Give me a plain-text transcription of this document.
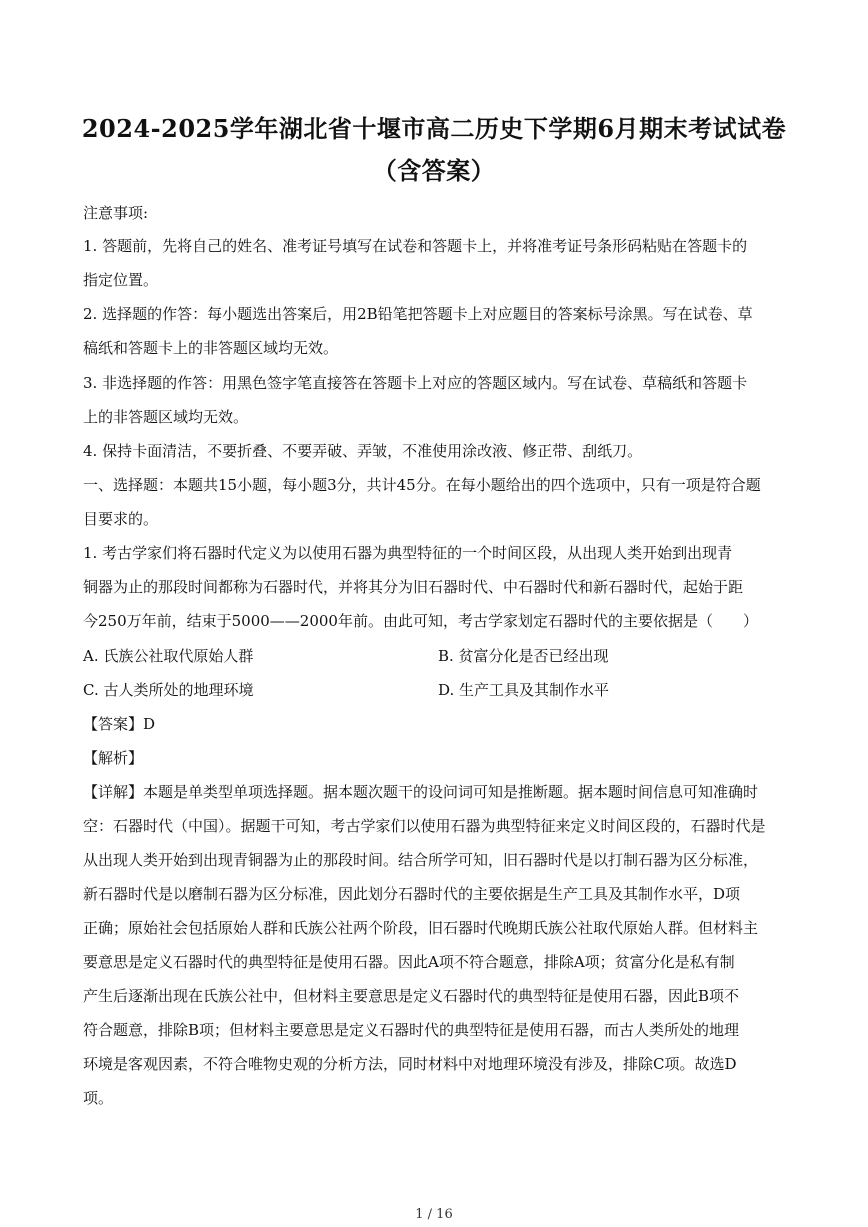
2024-2025学年湖北省十堰市高二历史下学期6月期末考试试卷
（含答案）
注意事项:
1. 答题前，先将自己的姓名、准考证号填写在试卷和答题卡上，并将准考证号条形码粘贴在答题卡的
指定位置。
2. 选择题的作答：每小题选出答案后，用2B铅笔把答题卡上对应题目的答案标号涂黑。写在试卷、草
稿纸和答题卡上的非答题区域均无效。
3. 非选择题的作答：用黑色签字笔直接答在答题卡上对应的答题区域内。写在试卷、草稿纸和答题卡
上的非答题区域均无效。
4. 保持卡面清洁，不要折叠、不要弄破、弄皱，不准使用涂改液、修正带、刮纸刀。
一、选择题：本题共15小题，每小题3分，共计45分。在每小题给出的四个选项中，只有一项是符合题
目要求的。
1. 考古学家们将石器时代定义为以使用石器为典型特征的一个时间区段，从出现人类开始到出现青
铜器为止的那段时间都称为石器时代，并将其分为旧石器时代、中石器时代和新石器时代，起始于距
今250万年前，结束于5000——2000年前。由此可知，考古学家划定石器时代的主要依据是（　　）
A. 氏族公社取代原始人群	B. 贫富分化是否已经出现
C. 古人类所处的地理环境	D. 生产工具及其制作水平
【答案】D
【解析】
【详解】本题是单类型单项选择题。据本题次题干的设问词可知是推断题。据本题时间信息可知准确时
空：石器时代（中国）。据题干可知，考古学家们以使用石器为典型特征来定义时间区段的，石器时代是
从出现人类开始到出现青铜器为止的那段时间。结合所学可知，旧石器时代是以打制石器为区分标准，
新石器时代是以磨制石器为区分标准，因此划分石器时代的主要依据是生产工具及其制作水平，D项
正确；原始社会包括原始人群和氏族公社两个阶段，旧石器时代晚期氏族公社取代原始人群。但材料主
要意思是定义石器时代的典型特征是使用石器。因此A项不符合题意，排除A项；贫富分化是私有制
产生后逐渐出现在氏族公社中，但材料主要意思是定义石器时代的典型特征是使用石器，因此B项不
符合题意，排除B项；但材料主要意思是定义石器时代的典型特征是使用石器，而古人类所处的地理
环境是客观因素，不符合唯物史观的分析方法，同时材料中对地理环境没有涉及，排除C项。故选D
项。
1 / 16
